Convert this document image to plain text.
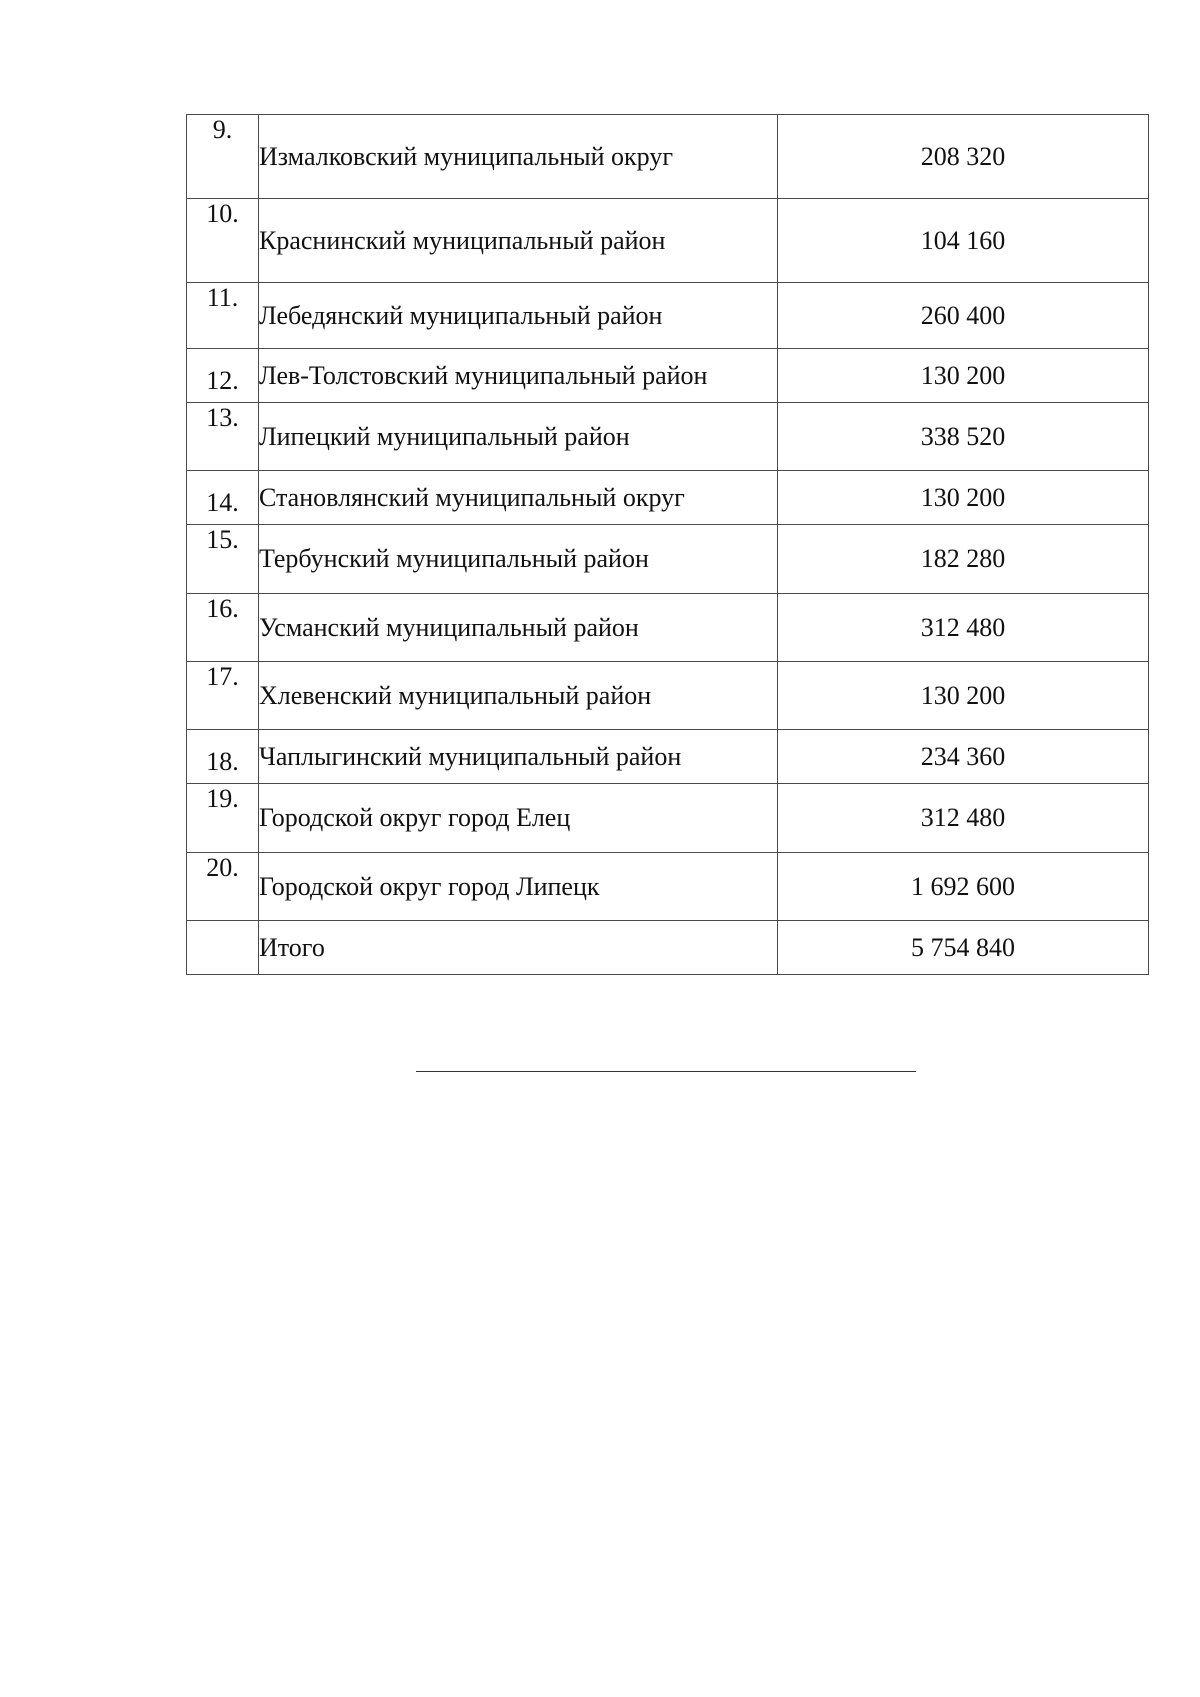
9.	Измалковский муниципальный округ	208 320
10.	Краснинский муниципальный район	104 160
11.	Лебедянский муниципальный район	260 400
12.	Лев-Толстовский муниципальный район	130 200
13.	Липецкий муниципальный район	338 520
14.	Становлянский муниципальный округ	130 200
15.	Тербунский муниципальный район	182 280
16.	Усманский муниципальный район	312 480
17.	Хлевенский муниципальный район	130 200
18.	Чаплыгинский муниципальный район	234 360
19.	Городской округ город Елец	312 480
20.	Городской округ город Липецк	1 692 600
	Итого	5 754 840
